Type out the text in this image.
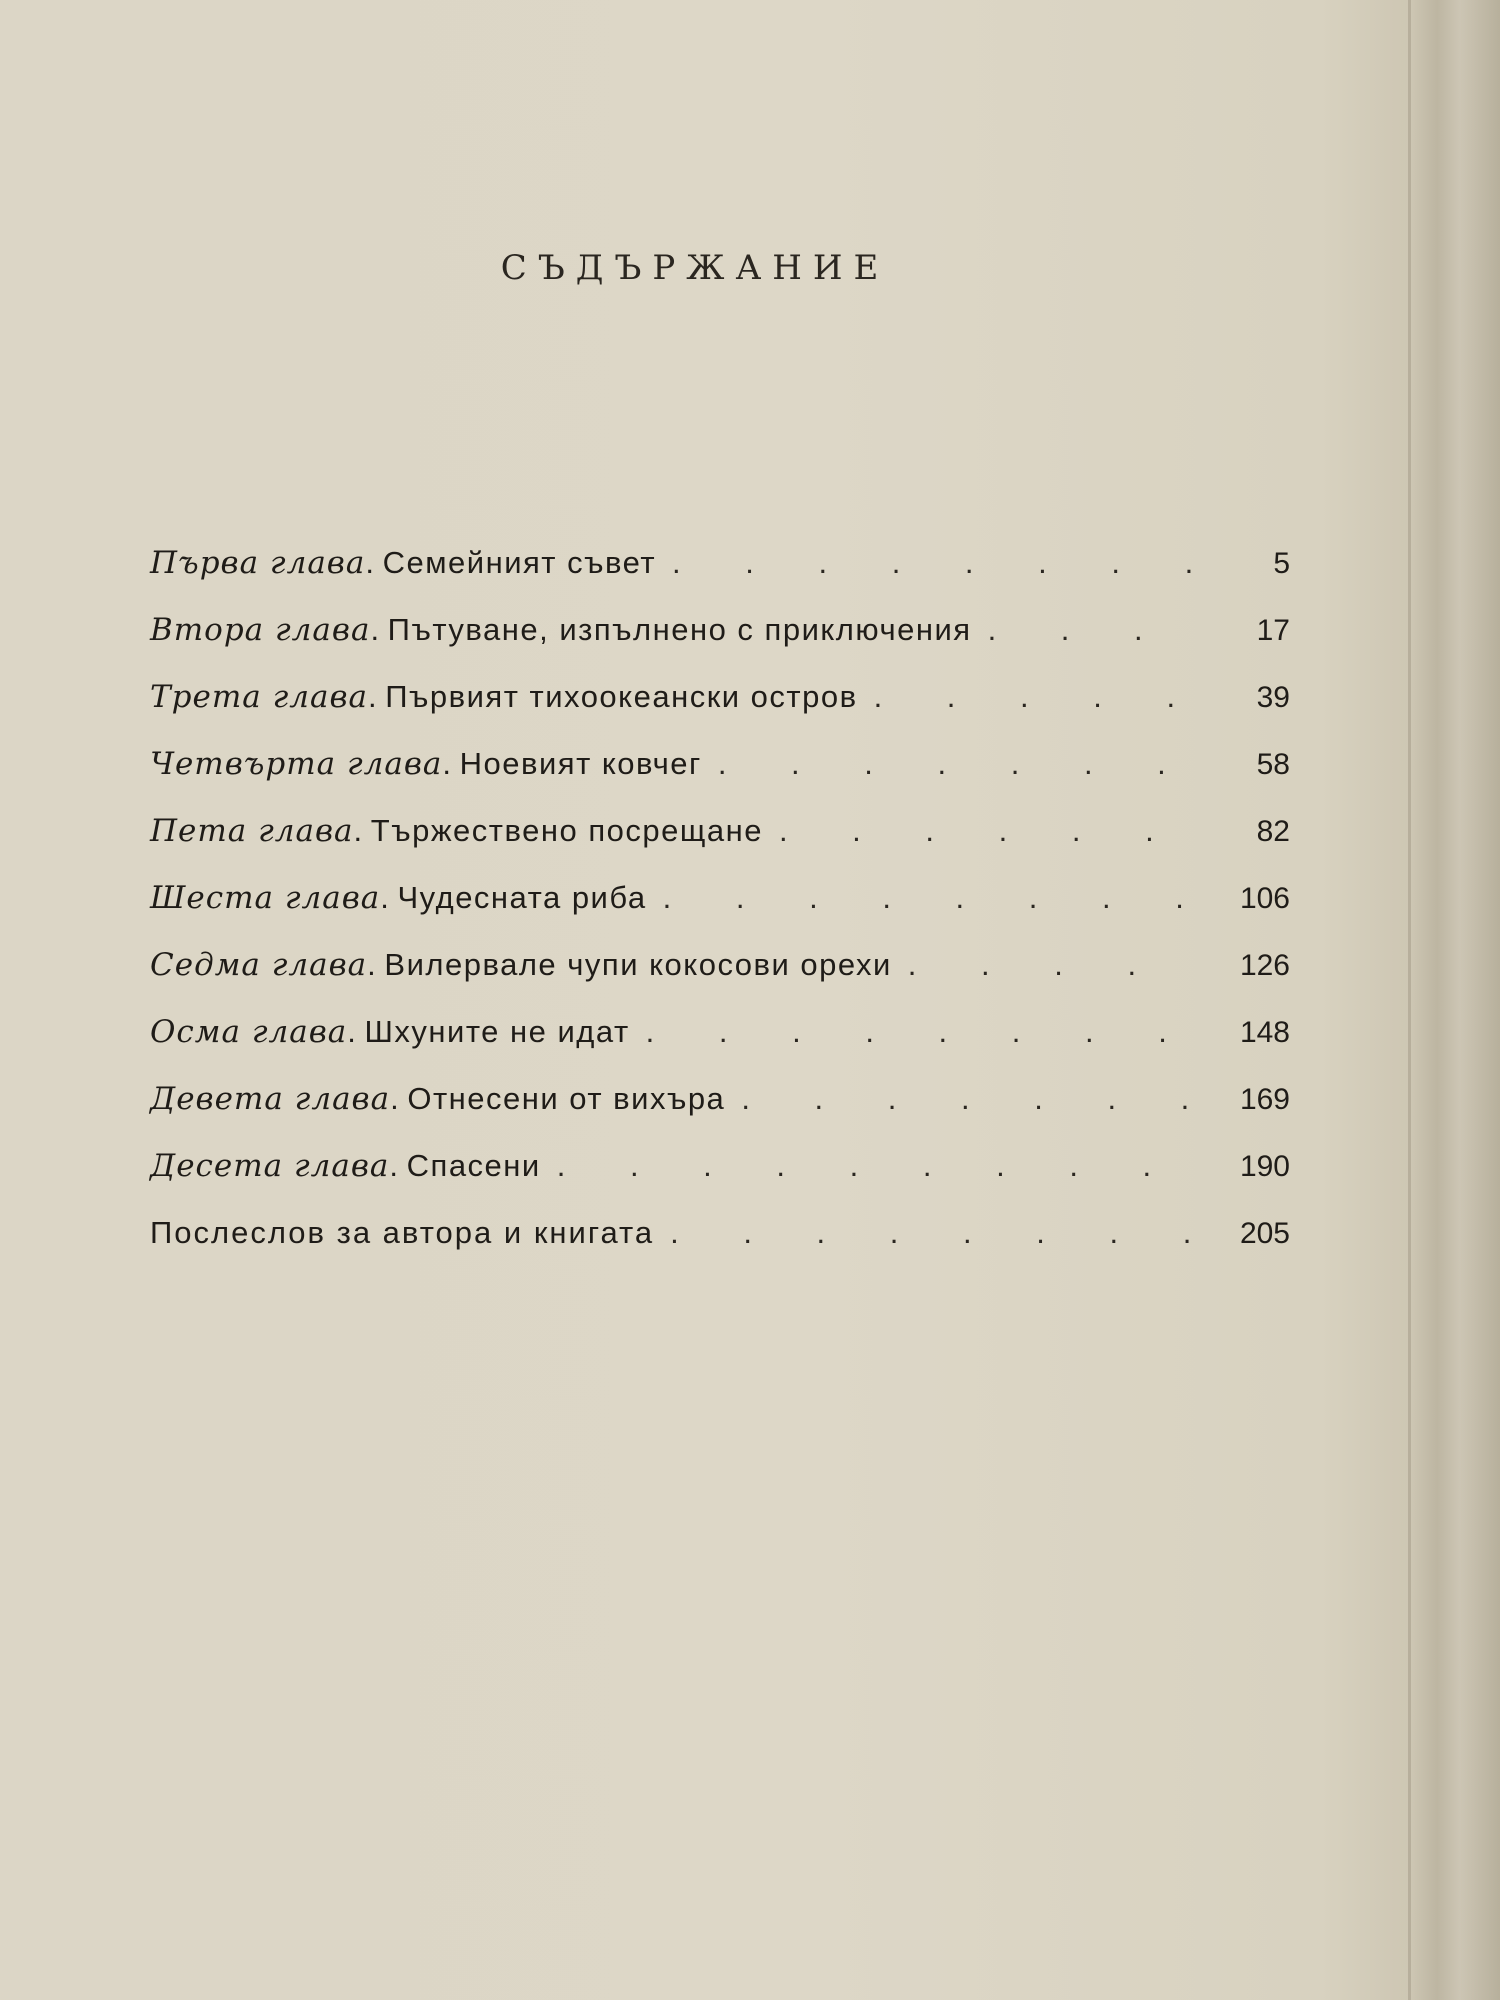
СЪДЪРЖАНИЕ
Първа глава . Семейният съвет . . .	5
Втора глава . Пътуване, изпълнено с приключения . . .	17
Трета глава . Първият тихоокеански остров . . .	39
Четвърта глава . Ноевият ковчег . . .	58
Пета глава . Тържествено посрещане . . .	82
Шеста глава . Чудесната риба . . .	106
Седма глава . Вилервале чупи кокосови орехи . . .	126
Осма глава . Шхуните не идат . . .	148
Девета глава . Отнесени от вихъра . . .	169
Десета глава . Спасени . . .	190
Послеслов за автора и книгата . . .	205
